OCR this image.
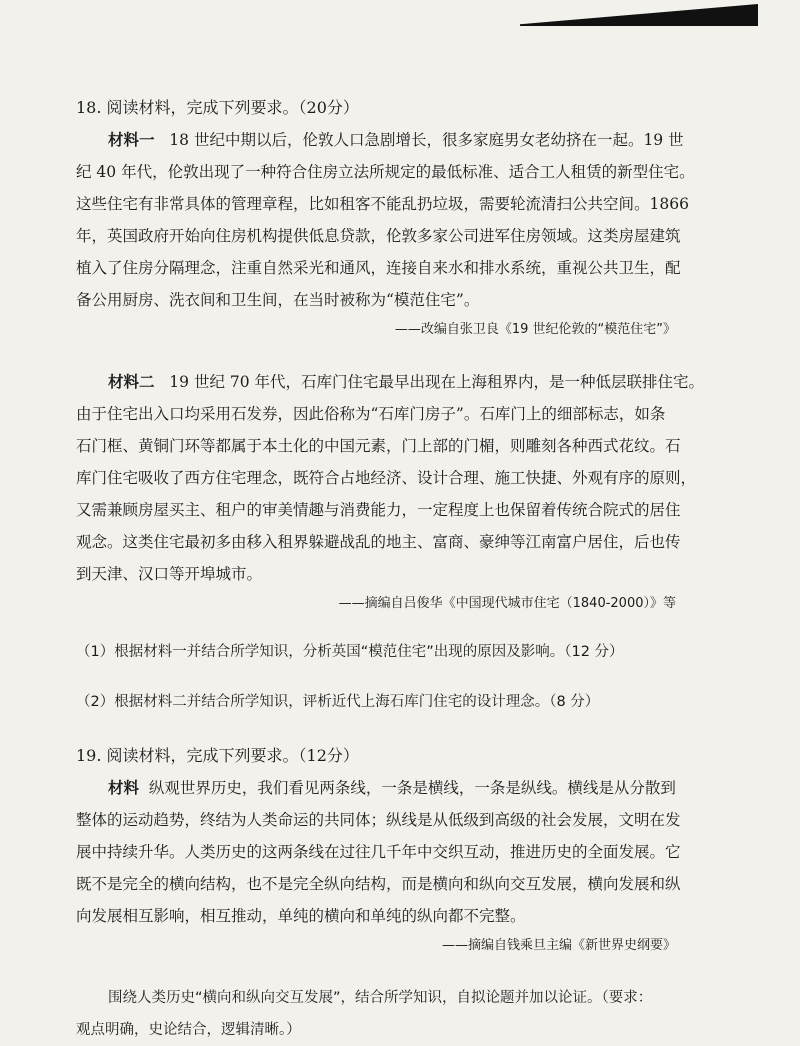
18. 阅读材料，完成下列要求。（20分）

材料一 18 世纪中期以后，伦敦人口急剧增长，很多家庭男女老幼挤在一起。19 世

纪 40 年代，伦敦出现了一种符合住房立法所规定的最低标准、适合工人租赁的新型住宅。

这些住宅有非常具体的管理章程，比如租客不能乱扔垃圾，需要轮流清扫公共空间。1866

年，英国政府开始向住房机构提供低息贷款，伦敦多家公司进军住房领域。这类房屋建筑

植入了住房分隔理念，注重自然采光和通风，连接自来水和排水系统，重视公共卫生，配

备公用厨房、洗衣间和卫生间，在当时被称为“模范住宅”。

——改编自张卫良《19 世纪伦敦的“模范住宅”》

材料二 19 世纪 70 年代，石库门住宅最早出现在上海租界内，是一种低层联排住宅。

由于住宅出入口均采用石发券，因此俗称为“石库门房子”。石库门上的细部标志，如条

石门框、黄铜门环等都属于本土化的中国元素，门上部的门楣，则雕刻各种西式花纹。石

库门住宅吸收了西方住宅理念，既符合占地经济、设计合理、施工快捷、外观有序的原则，

又需兼顾房屋买主、租户的审美情趣与消费能力，一定程度上也保留着传统合院式的居住

观念。这类住宅最初多由移入租界躲避战乱的地主、富商、豪绅等江南富户居住，后也传

到天津、汉口等开埠城市。

——摘编自吕俊华《中国现代城市住宅（1840-2000）》等

（1）根据材料一并结合所学知识，分析英国“模范住宅”出现的原因及影响。（12 分）

（2）根据材料二并结合所学知识，评析近代上海石库门住宅的设计理念。（8 分）

19. 阅读材料，完成下列要求。（12分）

材料 纵观世界历史，我们看见两条线，一条是横线，一条是纵线。横线是从分散到

整体的运动趋势，终结为人类命运的共同体；纵线是从低级到高级的社会发展，文明在发

展中持续升华。人类历史的这两条线在过往几千年中交织互动，推进历史的全面发展。它

既不是完全的横向结构，也不是完全纵向结构，而是横向和纵向交互发展，横向发展和纵

向发展相互影响，相互推动，单纯的横向和单纯的纵向都不完整。

——摘编自钱乘旦主编《新世界史纲要》

围绕人类历史“横向和纵向交互发展”，结合所学知识，自拟论题并加以论证。（要求：

观点明确，史论结合，逻辑清晰。）
